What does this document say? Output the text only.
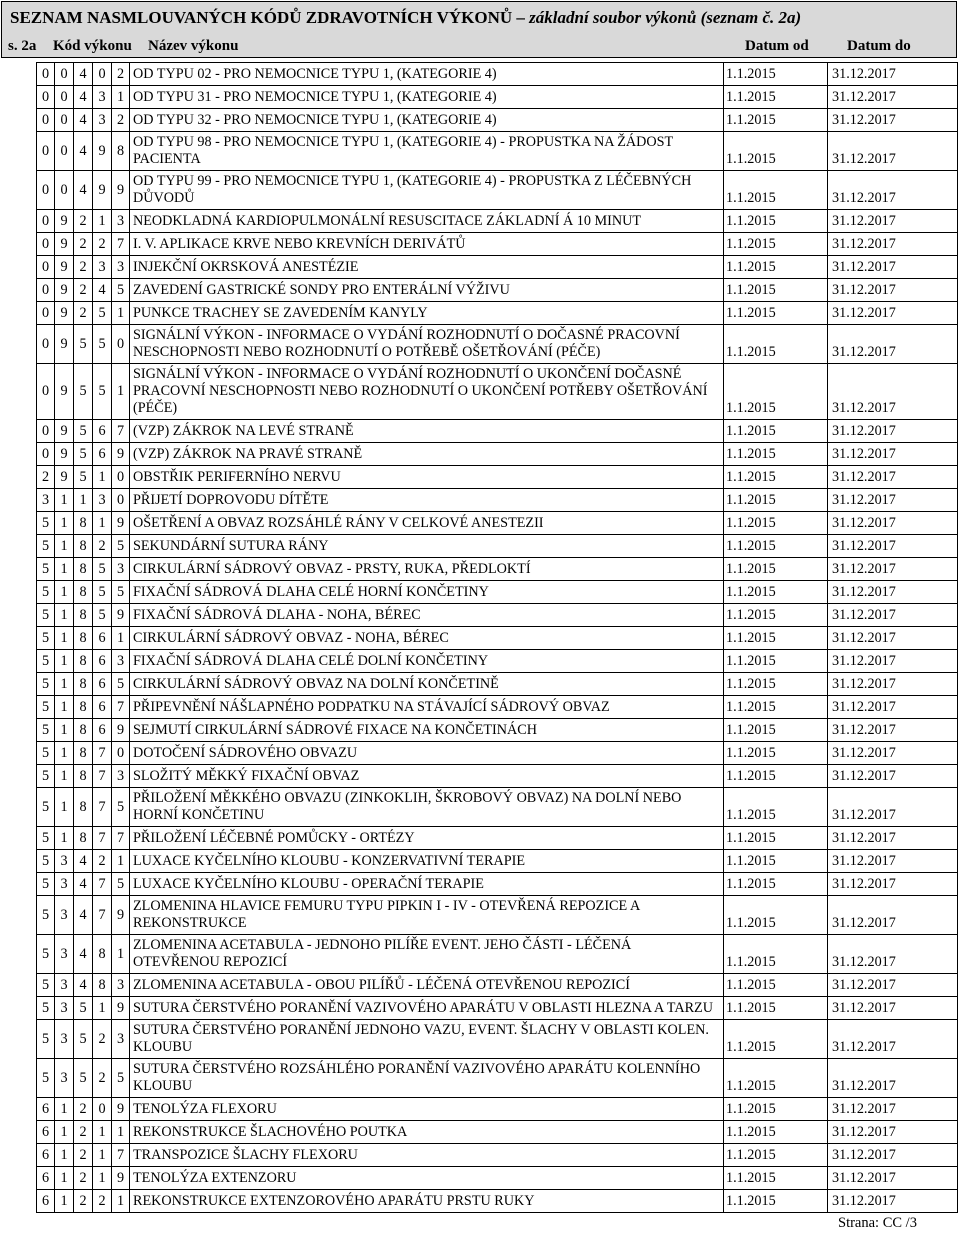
SEZNAM NASMLOUVANÝCH KÓDŮ ZDRAVOTNÍCH VÝKONŮ – základní soubor výkonů (seznam č. 2a)
s. 2a Kód výkonu Název výkonu	Datum od	Datum do
0	0	4	0	2	OD TYPU 02 - PRO NEMOCNICE TYPU 1, (KATEGORIE 4)	1.1.2015	31.12.2017
0	0	4	3	1	OD TYPU 31 - PRO NEMOCNICE TYPU 1, (KATEGORIE 4)	1.1.2015	31.12.2017
0	0	4	3	2	OD TYPU 32 - PRO NEMOCNICE TYPU 1, (KATEGORIE 4)	1.1.2015	31.12.2017
0	0	4	9	8	OD TYPU 98 - PRO NEMOCNICE TYPU 1, (KATEGORIE 4) - PROPUSTKA NA ŽÁDOST PACIENTA	1.1.2015	31.12.2017
0	0	4	9	9	OD TYPU 99 - PRO NEMOCNICE TYPU 1, (KATEGORIE 4) - PROPUSTKA Z LÉČEBNÝCH DŮVODŮ	1.1.2015	31.12.2017
0	9	2	1	3	NEODKLADNÁ KARDIOPULMONÁLNÍ RESUSCITACE ZÁKLADNÍ Á 10 MINUT	1.1.2015	31.12.2017
0	9	2	2	7	I. V. APLIKACE KRVE NEBO KREVNÍCH DERIVÁTŮ	1.1.2015	31.12.2017
0	9	2	3	3	INJEKČNÍ OKRSKOVÁ ANESTÉZIE	1.1.2015	31.12.2017
0	9	2	4	5	ZAVEDENÍ GASTRICKÉ SONDY PRO ENTERÁLNÍ VÝŽIVU	1.1.2015	31.12.2017
0	9	2	5	1	PUNKCE TRACHEY SE ZAVEDENÍM KANYLY	1.1.2015	31.12.2017
0	9	5	5	0	SIGNÁLNÍ VÝKON - INFORMACE O VYDÁNÍ ROZHODNUTÍ O DOČASNÉ PRACOVNÍ NESCHOPNOSTI NEBO ROZHODNUTÍ O POTŘEBĚ OŠETŘOVÁNÍ (PÉČE)	1.1.2015	31.12.2017
0	9	5	5	1	SIGNÁLNÍ VÝKON - INFORMACE O VYDÁNÍ ROZHODNUTÍ O UKONČENÍ DOČASNÉ PRACOVNÍ NESCHOPNOSTI NEBO ROZHODNUTÍ O UKONČENÍ POTŘEBY OŠETŘOVÁNÍ (PÉČE)	1.1.2015	31.12.2017
0	9	5	6	7	(VZP) ZÁKROK NA LEVÉ STRANĚ	1.1.2015	31.12.2017
0	9	5	6	9	(VZP) ZÁKROK NA PRAVÉ STRANĚ	1.1.2015	31.12.2017
2	9	5	1	0	OBSTŘIK PERIFERNÍHO NERVU	1.1.2015	31.12.2017
3	1	1	3	0	PŘIJETÍ DOPROVODU DÍTĚTE	1.1.2015	31.12.2017
5	1	8	1	9	OŠETŘENÍ A OBVAZ ROZSÁHLÉ RÁNY V CELKOVÉ ANESTEZII	1.1.2015	31.12.2017
5	1	8	2	5	SEKUNDÁRNÍ SUTURA RÁNY	1.1.2015	31.12.2017
5	1	8	5	3	CIRKULÁRNÍ SÁDROVÝ OBVAZ - PRSTY, RUKA, PŘEDLOKTÍ	1.1.2015	31.12.2017
5	1	8	5	5	FIXAČNÍ SÁDROVÁ DLAHA CELÉ HORNÍ KONČETINY	1.1.2015	31.12.2017
5	1	8	5	9	FIXAČNÍ SÁDROVÁ DLAHA - NOHA, BÉREC	1.1.2015	31.12.2017
5	1	8	6	1	CIRKULÁRNÍ SÁDROVÝ OBVAZ - NOHA, BÉREC	1.1.2015	31.12.2017
5	1	8	6	3	FIXAČNÍ SÁDROVÁ DLAHA CELÉ DOLNÍ KONČETINY	1.1.2015	31.12.2017
5	1	8	6	5	CIRKULÁRNÍ SÁDROVÝ OBVAZ NA DOLNÍ KONČETINĚ	1.1.2015	31.12.2017
5	1	8	6	7	PŘIPEVNĚNÍ NÁŠLAPNÉHO PODPATKU NA STÁVAJÍCÍ SÁDROVÝ OBVAZ	1.1.2015	31.12.2017
5	1	8	6	9	SEJMUTÍ CIRKULÁRNÍ SÁDROVÉ FIXACE NA KONČETINÁCH	1.1.2015	31.12.2017
5	1	8	7	0	DOTOČENÍ SÁDROVÉHO OBVAZU	1.1.2015	31.12.2017
5	1	8	7	3	SLOŽITÝ MĚKKÝ FIXAČNÍ OBVAZ	1.1.2015	31.12.2017
5	1	8	7	5	PŘILOŽENÍ MĚKKÉHO OBVAZU (ZINKOKLIH, ŠKROBOVÝ OBVAZ) NA DOLNÍ NEBO HORNÍ KONČETINU	1.1.2015	31.12.2017
5	1	8	7	7	PŘILOŽENÍ LÉČEBNÉ POMŮCKY - ORTÉZY	1.1.2015	31.12.2017
5	3	4	2	1	LUXACE KYČELNÍHO KLOUBU - KONZERVATIVNÍ TERAPIE	1.1.2015	31.12.2017
5	3	4	7	5	LUXACE KYČELNÍHO KLOUBU - OPERAČNÍ TERAPIE	1.1.2015	31.12.2017
5	3	4	7	9	ZLOMENINA HLAVICE FEMURU TYPU PIPKIN I - IV - OTEVŘENÁ REPOZICE A REKONSTRUKCE	1.1.2015	31.12.2017
5	3	4	8	1	ZLOMENINA ACETABULA - JEDNOHO PILÍŘE EVENT. JEHO ČÁSTI - LÉČENÁ OTEVŘENOU REPOZICÍ	1.1.2015	31.12.2017
5	3	4	8	3	ZLOMENINA ACETABULA - OBOU PILÍŘŮ - LÉČENÁ OTEVŘENOU REPOZICÍ	1.1.2015	31.12.2017
5	3	5	1	9	SUTURA ČERSTVÉHO PORANĚNÍ VAZIVOVÉHO APARÁTU V OBLASTI HLEZNA A TARZU	1.1.2015	31.12.2017
5	3	5	2	3	SUTURA ČERSTVÉHO PORANĚNÍ JEDNOHO VAZU, EVENT. ŠLACHY V OBLASTI KOLEN. KLOUBU	1.1.2015	31.12.2017
5	3	5	2	5	SUTURA ČERSTVÉHO ROZSÁHLÉHO PORANĚNÍ VAZIVOVÉHO APARÁTU KOLENNÍHO KLOUBU	1.1.2015	31.12.2017
6	1	2	0	9	TENOLÝZA FLEXORU	1.1.2015	31.12.2017
6	1	2	1	1	REKONSTRUKCE ŠLACHOVÉHO POUTKA	1.1.2015	31.12.2017
6	1	2	1	7	TRANSPOZICE ŠLACHY FLEXORU	1.1.2015	31.12.2017
6	1	2	1	9	TENOLÝZA EXTENZORU	1.1.2015	31.12.2017
6	1	2	2	1	REKONSTRUKCE EXTENZOROVÉHO APARÁTU PRSTU RUKY	1.1.2015	31.12.2017
Strana: CC /3
